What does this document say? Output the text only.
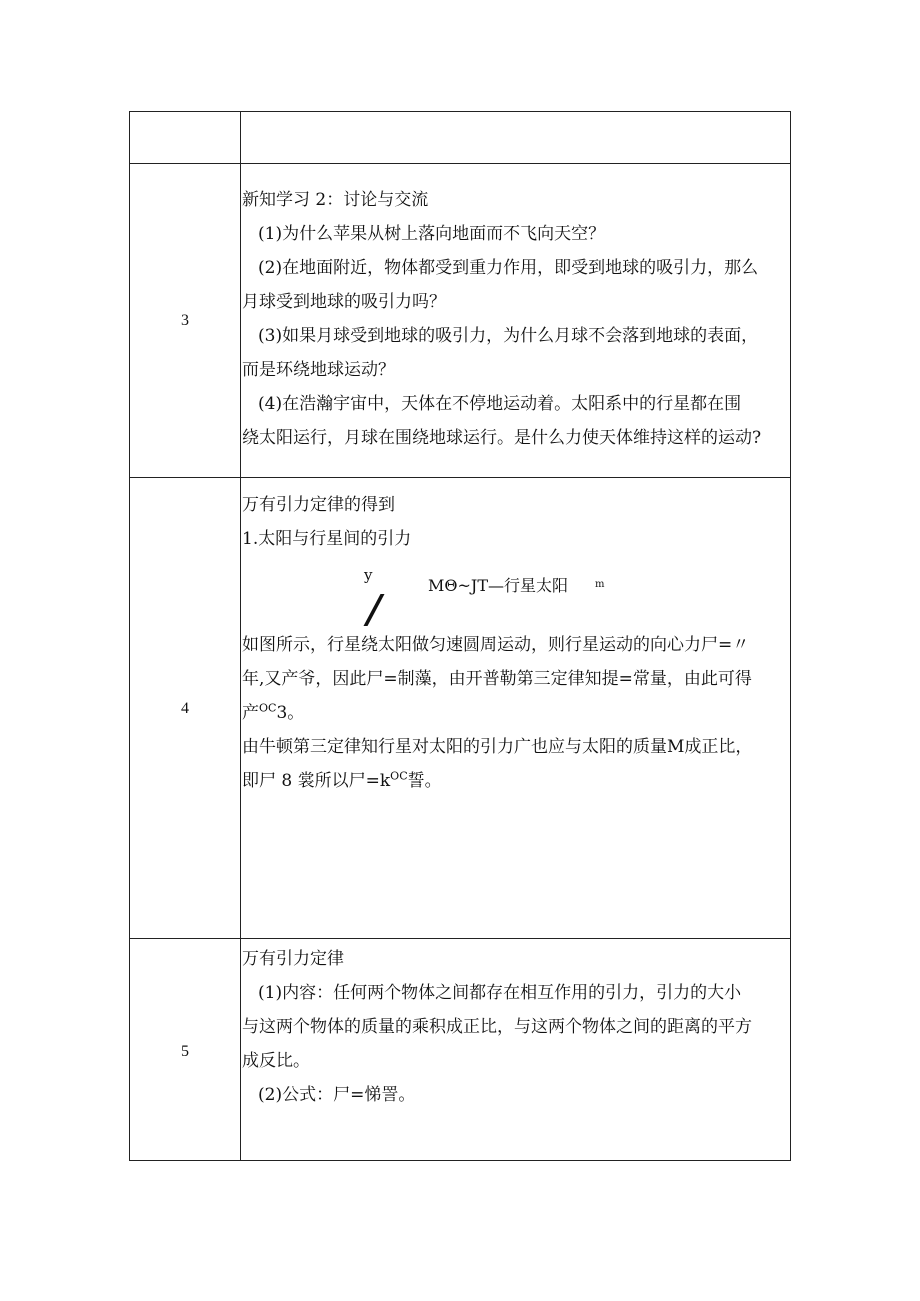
3

新知学习 2：讨论与交流

(1)为什么苹果从树上落向地面而不飞向天空？

(2)在地面附近，物体都受到重力作用，即受到地球的吸引力，那么

月球受到地球的吸引力吗？

(3)如果月球受到地球的吸引力，为什么月球不会落到地球的表面，

而是环绕地球运动？

(4)在浩瀚宇宙中，天体在不停地运动着。太阳系中的行星都在围

绕太阳运行，月球在围绕地球运行。是什么力使天体维持这样的运动?

4

万有引力定律的得到

1.太阳与行星间的引力

y
MΘ~JT—行星太阳	m

如图所示，行星绕太阳做匀速圆周运动，则行星运动的向心力尸=〃

年,又产爷，因此尸=制藻，由开普勒第三定律知提=常量，由此可得

产$^{OC}$3。

由牛顿第三定律知行星对太阳的引力广也应与太阳的质量M成正比，

即尸 8 裳所以尸$=k^{OC}$誓。

5

万有引力定律

(1)内容：任何两个物体之间都存在相互作用的引力，引力的大小

与这两个物体的质量的乘积成正比，与这两个物体之间的距离的平方

成反比。

(2)公式：尸=悌詈。
